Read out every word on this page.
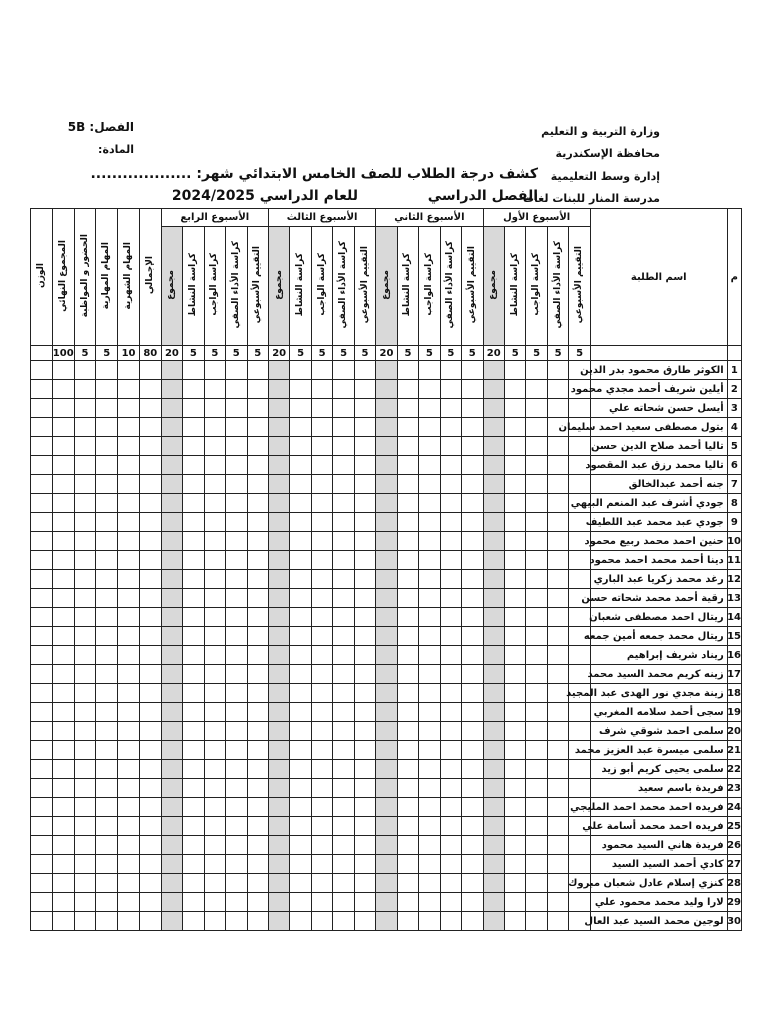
وزارة التربية و التعليم
محافظة الإسكندرية
إدارة وسط التعليمية
مدرسة المنار للبنات لغات
الفصل: 5B
المادة:
كشف درجة الطلاب للصف الخامس الابتدائي شهر: ...................
الفصل الدراسي
للعام الدراسي 2024/2025
م	اسم الطلبة	الأسبوع الأول					الأسبوع الثاني					الأسبوع الثالث					الأسبوع الرابع					الإجمالي	المهام الشهرية	المهام المهارية	الحضور و المواظبة	المجموع النهائي	الوزن
		التقييم الأسبوعي	كراسة الأداء الصفي	كراسة الواجب	كراسة النشاط	مجموع	التقييم الأسبوعي	كراسة الأداء الصفي	كراسة الواجب	كراسة النشاط	مجموع	التقييم الأسبوعي	كراسة الأداء الصفي	كراسة الواجب	كراسة النشاط	مجموع	التقييم الأسبوعي	كراسة الأداء الصفي	كراسة الواجب	كراسة النشاط	مجموع						
		5	5	5	5	20	5	5	5	5	20	5	5	5	5	20	5	5	5	5	20	80	10	5	5	100	
1	الكوثر طارق محمود بدر الدين																										
2	أيلين شريف أحمد مجدي محمود																										
3	أيسل حسن شحاته علي																										
4	بتول مصطفى سعيد احمد سليمان																										
5	تاليا أحمد صلاح الدين حسن																										
6	تاليا محمد رزق عبد المقصود																										
7	جنه أحمد عبدالخالق																										
8	جودي أشرف عبد المنعم البيهي																										
9	جودي عبد محمد عبد اللطيف																										
10	حنين احمد محمد ربيع محمود																										
11	دينا أحمد محمد احمد محمود																										
12	رغد محمد زكريا عبد الباري																										
13	رقية أحمد محمد شحاته حسن																										
14	ريتال احمد مصطفى شعبان																										
15	ريتال محمد جمعه أمين جمعه																										
16	ريناد شريف إبراهيم																										
17	زينه كريم محمد السيد محمد																										
18	زينة مجدي نور الهدى عبد المجيد																										
19	سجى أحمد سلامه المغربي																										
20	سلمى احمد شوقي شرف																										
21	سلمى ميسرة عبد العزيز محمد																										
22	سلمى يحيى كريم أبو زيد																										
23	فريدة باسم سعيد																										
24	فريده احمد محمد احمد المليجي																										
25	فريده احمد محمد أسامة علي																										
26	فريدة هاني السيد محمود																										
27	كادي أحمد السيد السيد																										
28	كنزي إسلام عادل شعبان مبروك																										
29	لارا وليد محمد محمود علي																										
30	لوجين محمد السيد عبد العال																										
